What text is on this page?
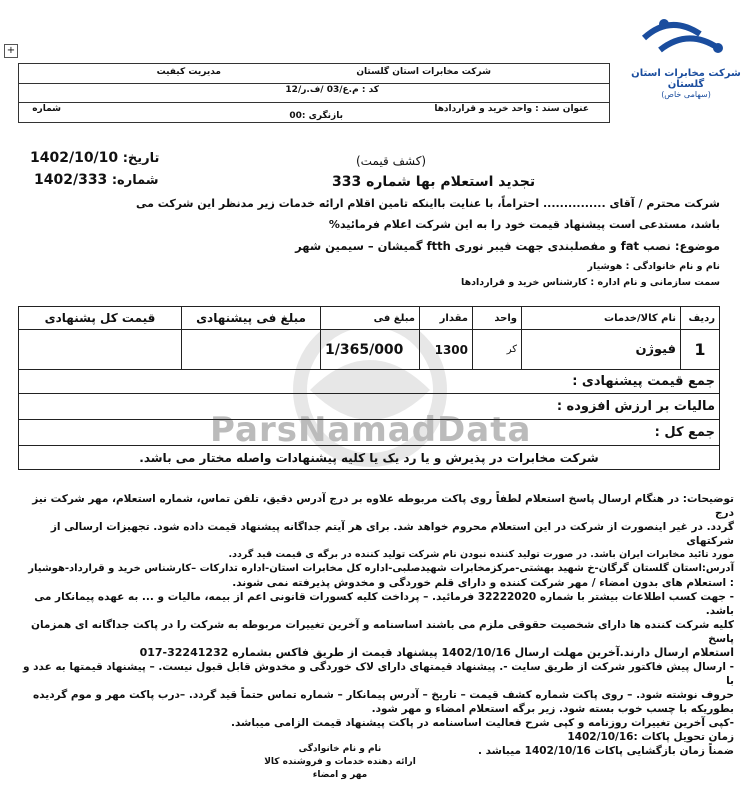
ParsNamadData
+
شرکت مخابرات استان گلستان
(سهامی خاص)
شرکت مخابرات استان گلستان
مدیریت کیفیت
کد : م.ع/03 /ف.ر/12
عنوان سند : واحد خرید و قراردادها
شماره
بازنگری :00
تاریخ: 1402/10/10
شماره: 1402/333
(کشف قیمت)
تجدید استعلام بها شماره 333
شرکت محترم / آقای ............... احتراماً، با عنایت بااینکه تامین اقلام ارائه خدمات زیر مدنظر این شرکت می
باشد، مستدعی است پیشنهاد قیمت خود را به این شرکت اعلام فرمائید%
موضوع: نصب fat و مفصلبندی جهت فیبر نوری ftth گمیشان – سیمین شهر
نام و نام خانوادگی : هوشیار
سمت سازمانی و نام اداره : کارشناس خرید و قراردادها
ردیف	نام کالا/خدمات	واحد	مقدار	مبلغ فی	مبلغ فی پیشنهادی	قیمت کل پشنهادی
1	فیوژن	کر	1300	1/365/000		
جمع قیمت پیشنهادی :						
مالیات بر ارزش افزوده :						
جمع کل :						
شرکت مخابرات در پذیرش و یا رد یک یا کلیه پیشنهادات واصله مختار می باشد.						
توضیحات: در هنگام ارسال پاسخ استعلام لطفاً روی پاکت مربوطه علاوه بر درج آدرس دقیق، تلفن تماس، شماره استعلام، مهر شرکت نیز درج
گردد. در غیر اینصورت از شرکت در این استعلام محروم خواهد شد. برای هر آیتم جداگانه پیشنهاد قیمت داده شود. تجهیزات ارسالی از شرکتهای
مورد تائید مخابرات ایران باشد. در صورت تولید کننده نبودن نام شرکت تولید کننده در برگه ی قیمت قید گردد.
آدرس:استان گلستان گرگان-خ شهید بهشتی-مرکزمخابرات شهیدصلبی-اداره کل مخابرات استان-اداره تدارکات –کارشناس خرید و قرارداد-هوشیار
: استعلام های بدون امضاء / مهر شرکت کننده و دارای قلم خوردگی و مخدوش پذیرفته نمی شوند.
- جهت کسب اطلاعات بیشتر با شماره 32222020 فرمائید. – پرداخت کلیه کسورات قانونی اعم از بیمه، مالیات و ... به عهده پیمانکار می
باشد.
کلیه شرکت کننده ها دارای شخصیت حقوقی ملزم می باشند اساسنامه و آخرین تغییرات مربوطه به شرکت را در پاکت جداگانه ای همزمان پاسخ
استعلام ارسال دارند.آخرین مهلت ارسال 1402/10/16 پیشنهاد قیمت از طریق فاکس بشماره 32241232-017
- ارسال پیش فاکتور شرکت از طریق سایت -. پیشنهاد قیمتهای دارای لاک خوردگی و مخدوش قابل قبول نیست. – پیشنهاد قیمتها به عدد و با
حروف نوشته شود. – روی پاکت شماره کشف قیمت – تاریخ – آدرس پیمانکار – شماره تماس حتماً قید گردد. –درب پاکت مهر و موم گردیده
بطوریکه با چسب خوب بسته شود. زیر برگه استعلام امضاء و مهر شود.
-کپی آخرین تغییرات روزنامه و کپی شرح فعالیت اساسنامه در پاکت پیشنهاد قیمت الزامی میباشد.
زمان تحویل پاکات :1402/10/16
ضمناً زمان بازگشایی پاکات 1402/10/16 میباشد .
نام و نام خانوادگی
ارائه دهنده خدمات و فروشنده کالا
مهر و امضاء
